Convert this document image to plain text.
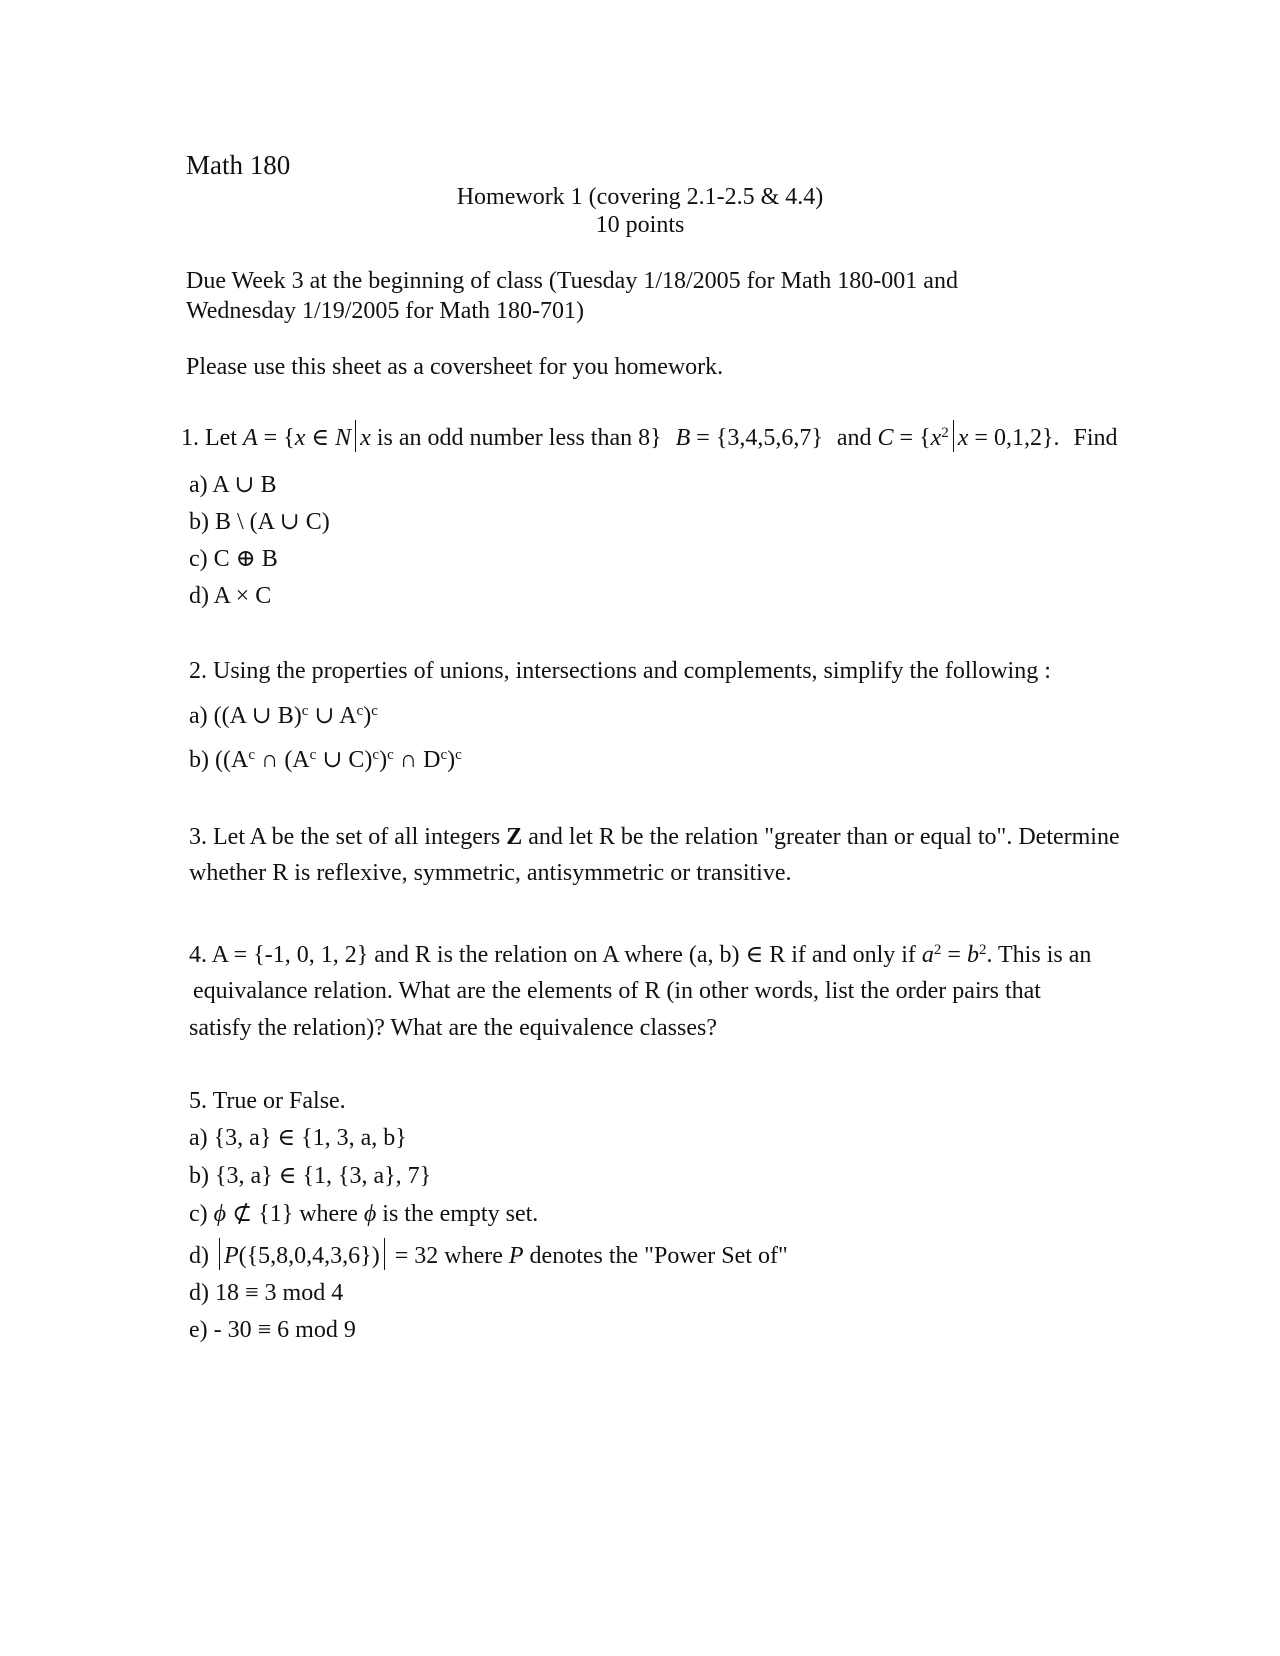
Math 180
Homework 1 (covering 2.1-2.5 & 4.4)
10 points
Due Week 3 at the beginning of class (Tuesday 1/18/2005 for Math 180-001 and
Wednesday 1/19/2005 for Math 180-701)
Please use this sheet as a coversheet for you homework.
1. Let A = {x ∈ N x is an odd number less than 8} B = {3,4,5,6,7} and $C = \{x^2$ x = 0,1,2}. Find
a) A ∪ B
b) B \ (A ∪ C)
c) C ⊕ B
d) A × C
2. Using the properties of unions, intersections and complements, simplify the following :
a) ((A ∪ B)$^c$ ∪ $A^c)^c$
b) (($A^c$ ∩ ($A^c$ ∪ C)$^c$)$^c$ ∩ $D^c)^c$
3. Let A be the set of all integers Z and let R be the relation "greater than or equal to". Determine
whether R is reflexive, symmetric, antisymmetric or transitive.
4. A = {-1, 0, 1, 2} and R is the relation on A where (a, b) ∈ R if and only if $a^2 = b^2$. This is an
equivalance relation. What are the elements of R (in other words, list the order pairs that
satisfy the relation)? What are the equivalence classes?
5. True or False.
a) {3, a} ∈ {1, 3, a, b}
b) {3, a} ∈ {1, {3, a}, 7}
c) ϕ ⊄ {1} where ϕ is the empty set.
d) P({5,8,0,4,3,6}) = 32 where P denotes the "Power Set of"
d) 18 ≡ 3 mod 4
e) - 30 ≡ 6 mod 9
